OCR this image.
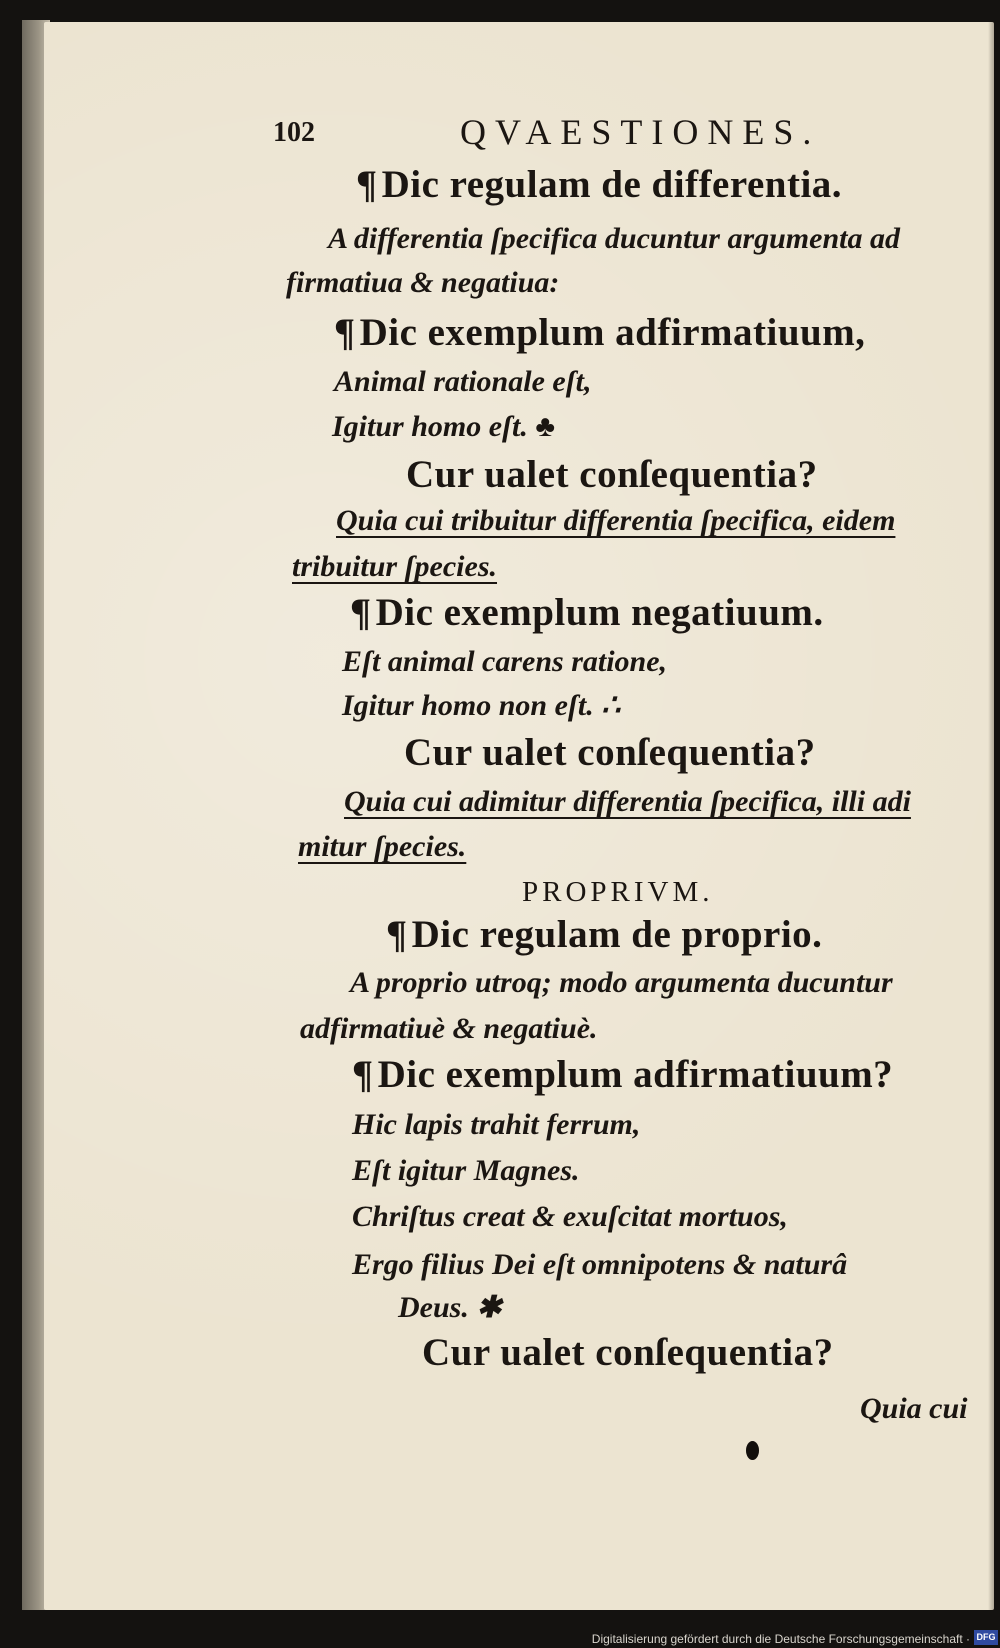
102	QVAESTIONES.

¶ Dic regulam de differentia.

A differentia ſpecifica ducuntur argumenta ad

firmatiua & negatiua:

¶ Dic exemplum adfirmatiuum,

Animal rationale eſt,

Igitur homo eſt. ♣

Cur ualet conſequentia?

Quia cui tribuitur differentia ſpecifica, eidem

tribuitur ſpecies.

¶ Dic exemplum negatiuum.

Eſt animal carens ratione,

Igitur homo non eſt. ∴

Cur ualet conſequentia?

Quia cui adimitur differentia ſpecifica, illi adi

mitur ſpecies.

PROPRIVM.

¶ Dic regulam de proprio.

A proprio utroq; modo argumenta ducuntur

adfirmatiuè & negatiuè.

¶ Dic exemplum adfirmatiuum?

Hic lapis trahit ferrum,

Eſt igitur Magnes.

Chriſtus creat & exuſcitat mortuos,

Ergo filius Dei eſt omnipotens & naturâ

Deus. ✱

Cur ualet conſequentia?

Quia cui

Digitalisierung gefördert durch die Deutsche Forschungsgemeinschaft · DFG
